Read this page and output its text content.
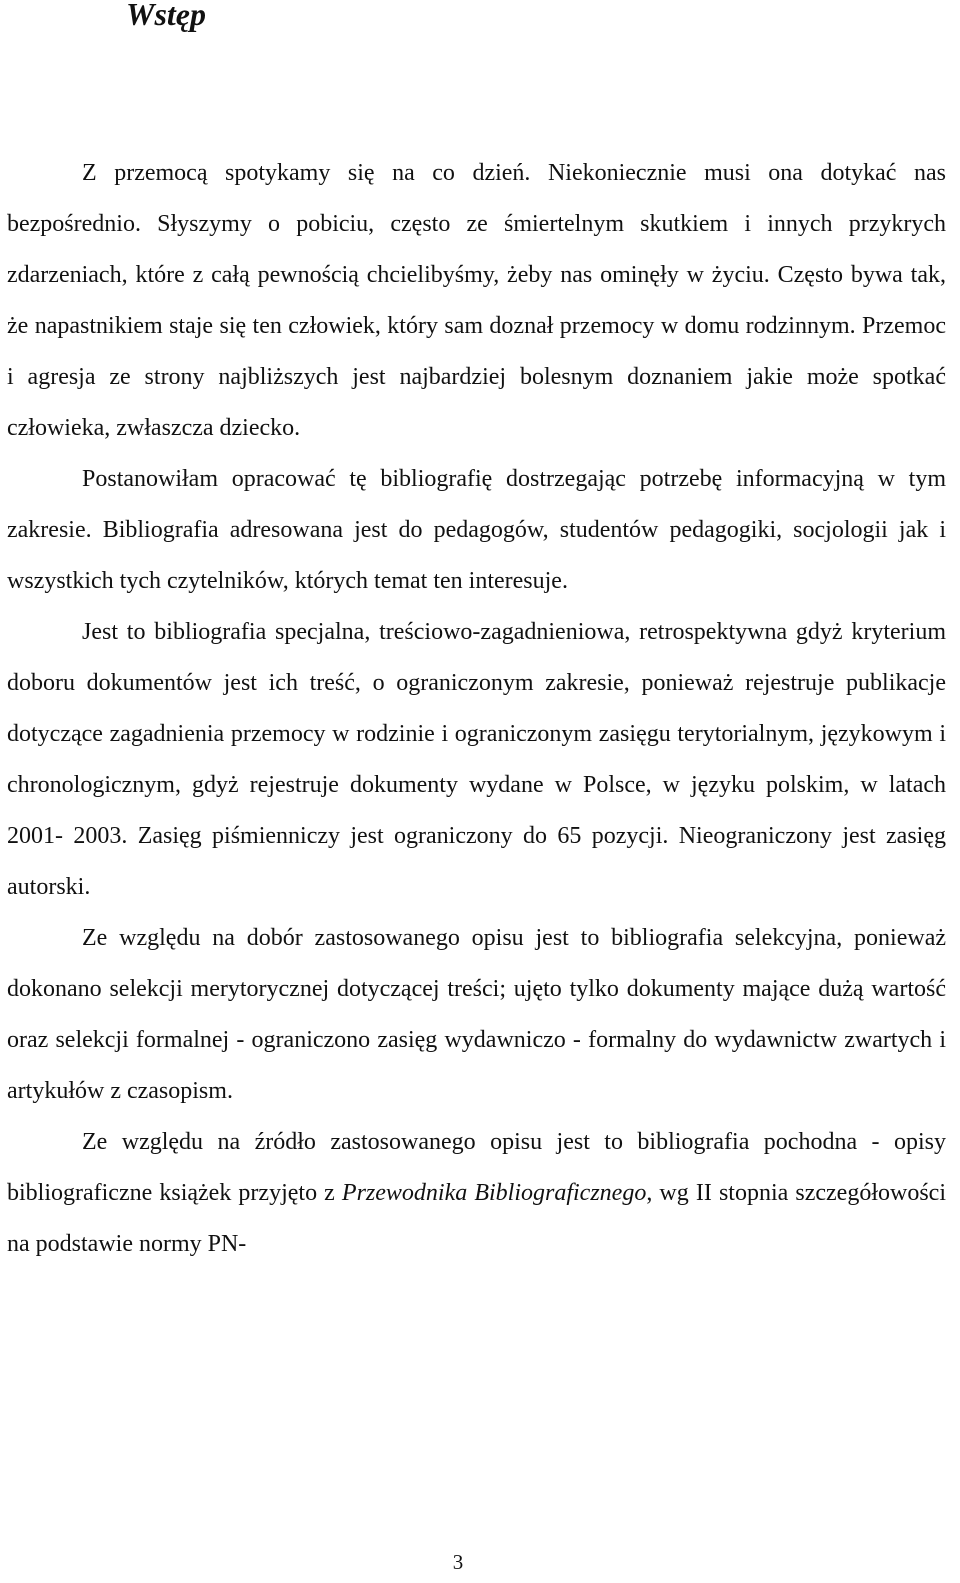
Wstęp

Z przemocą spotykamy się na co dzień. Niekoniecznie musi ona dotykać nas bezpośrednio. Słyszymy o pobiciu, często ze śmiertelnym skutkiem i innych przykrych zdarzeniach, które z całą pewnością chcielibyśmy, żeby nas ominęły w życiu. Często bywa tak, że napastnikiem staje się ten człowiek, który sam doznał przemocy w domu rodzinnym. Przemoc i agresja ze strony najbliższych jest najbardziej bolesnym doznaniem jakie może spotkać człowieka, zwłaszcza dziecko.

Postanowiłam opracować tę bibliografię dostrzegając potrzebę informacyjną w tym zakresie. Bibliografia adresowana jest do pedagogów, studentów pedagogiki, socjologii jak i wszystkich tych czytelników, których temat ten interesuje.

Jest to bibliografia specjalna, treściowo-zagadnieniowa, retrospektywna gdyż kryterium doboru dokumentów jest ich treść, o ograniczonym zakresie, ponieważ rejestruje publikacje dotyczące zagadnienia przemocy w rodzinie i ograniczonym zasięgu terytorialnym, językowym i chronologicznym, gdyż rejestruje dokumenty wydane w Polsce, w języku polskim, w latach 2001- 2003. Zasięg piśmienniczy jest ograniczony do 65 pozycji. Nieograniczony jest zasięg autorski.

Ze względu na dobór zastosowanego opisu jest to bibliografia selekcyjna, ponieważ dokonano selekcji merytorycznej dotyczącej treści; ujęto tylko dokumenty mające dużą wartość oraz selekcji formalnej - ograniczono zasięg wydawniczo - formalny do wydawnictw zwartych i artykułów z czasopism.

Ze względu na źródło zastosowanego opisu jest to bibliografia pochodna - opisy bibliograficzne książek przyjęto z Przewodnika Bibliograficznego, wg II stopnia szczegółowości na podstawie normy PN-

3
